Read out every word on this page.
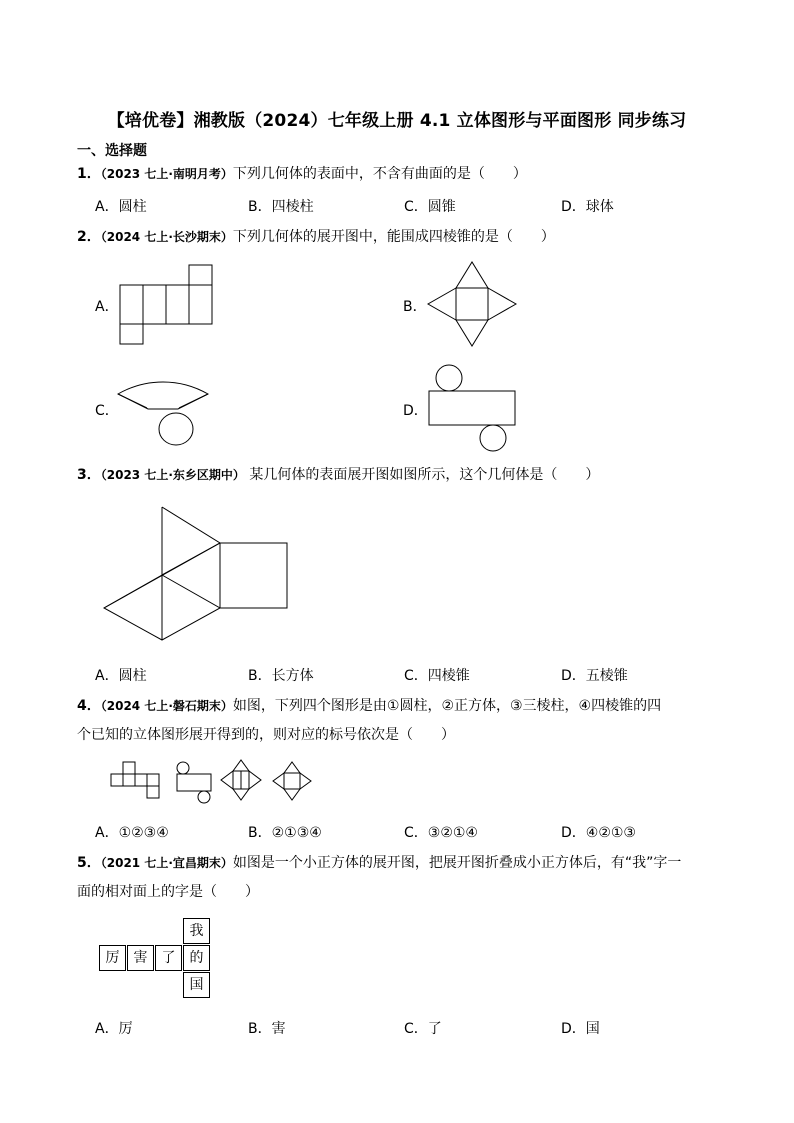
【培优卷】湘教版（2024）七年级上册 4.1 立体图形与平面图形 同步练习
一、选择题
1．（2023 七上·南明月考）下列几何体的表面中，不含有曲面的是（　　）
A．圆柱	B．四棱柱	C．圆锥	D．球体
2．（2024 七上·长沙期末）下列几何体的展开图中，能围成四棱锥的是（　　）
A．	B．
C．	D．
3．（2023 七上·东乡区期中） 某几何体的表面展开图如图所示，这个几何体是（　　）
A．圆柱	B．长方体	C．四棱锥	D．五棱锥
4．（2024 七上·磐石期末）如图，下列四个图形是由①圆柱，②正方体，③三棱柱，④四棱锥的四
个已知的立体图形展开得到的，则对应的标号依次是（　　）
A．①②③④	B．②①③④	C．③②①④	D．④②①③
5．（2021 七上·宜昌期末）如图是一个小正方体的展开图，把展开图折叠成小正方体后，有“我”字一
面的相对面上的字是（　　）
厉	害	了
我
的
国
A．厉	B．害	C．了	D．国
